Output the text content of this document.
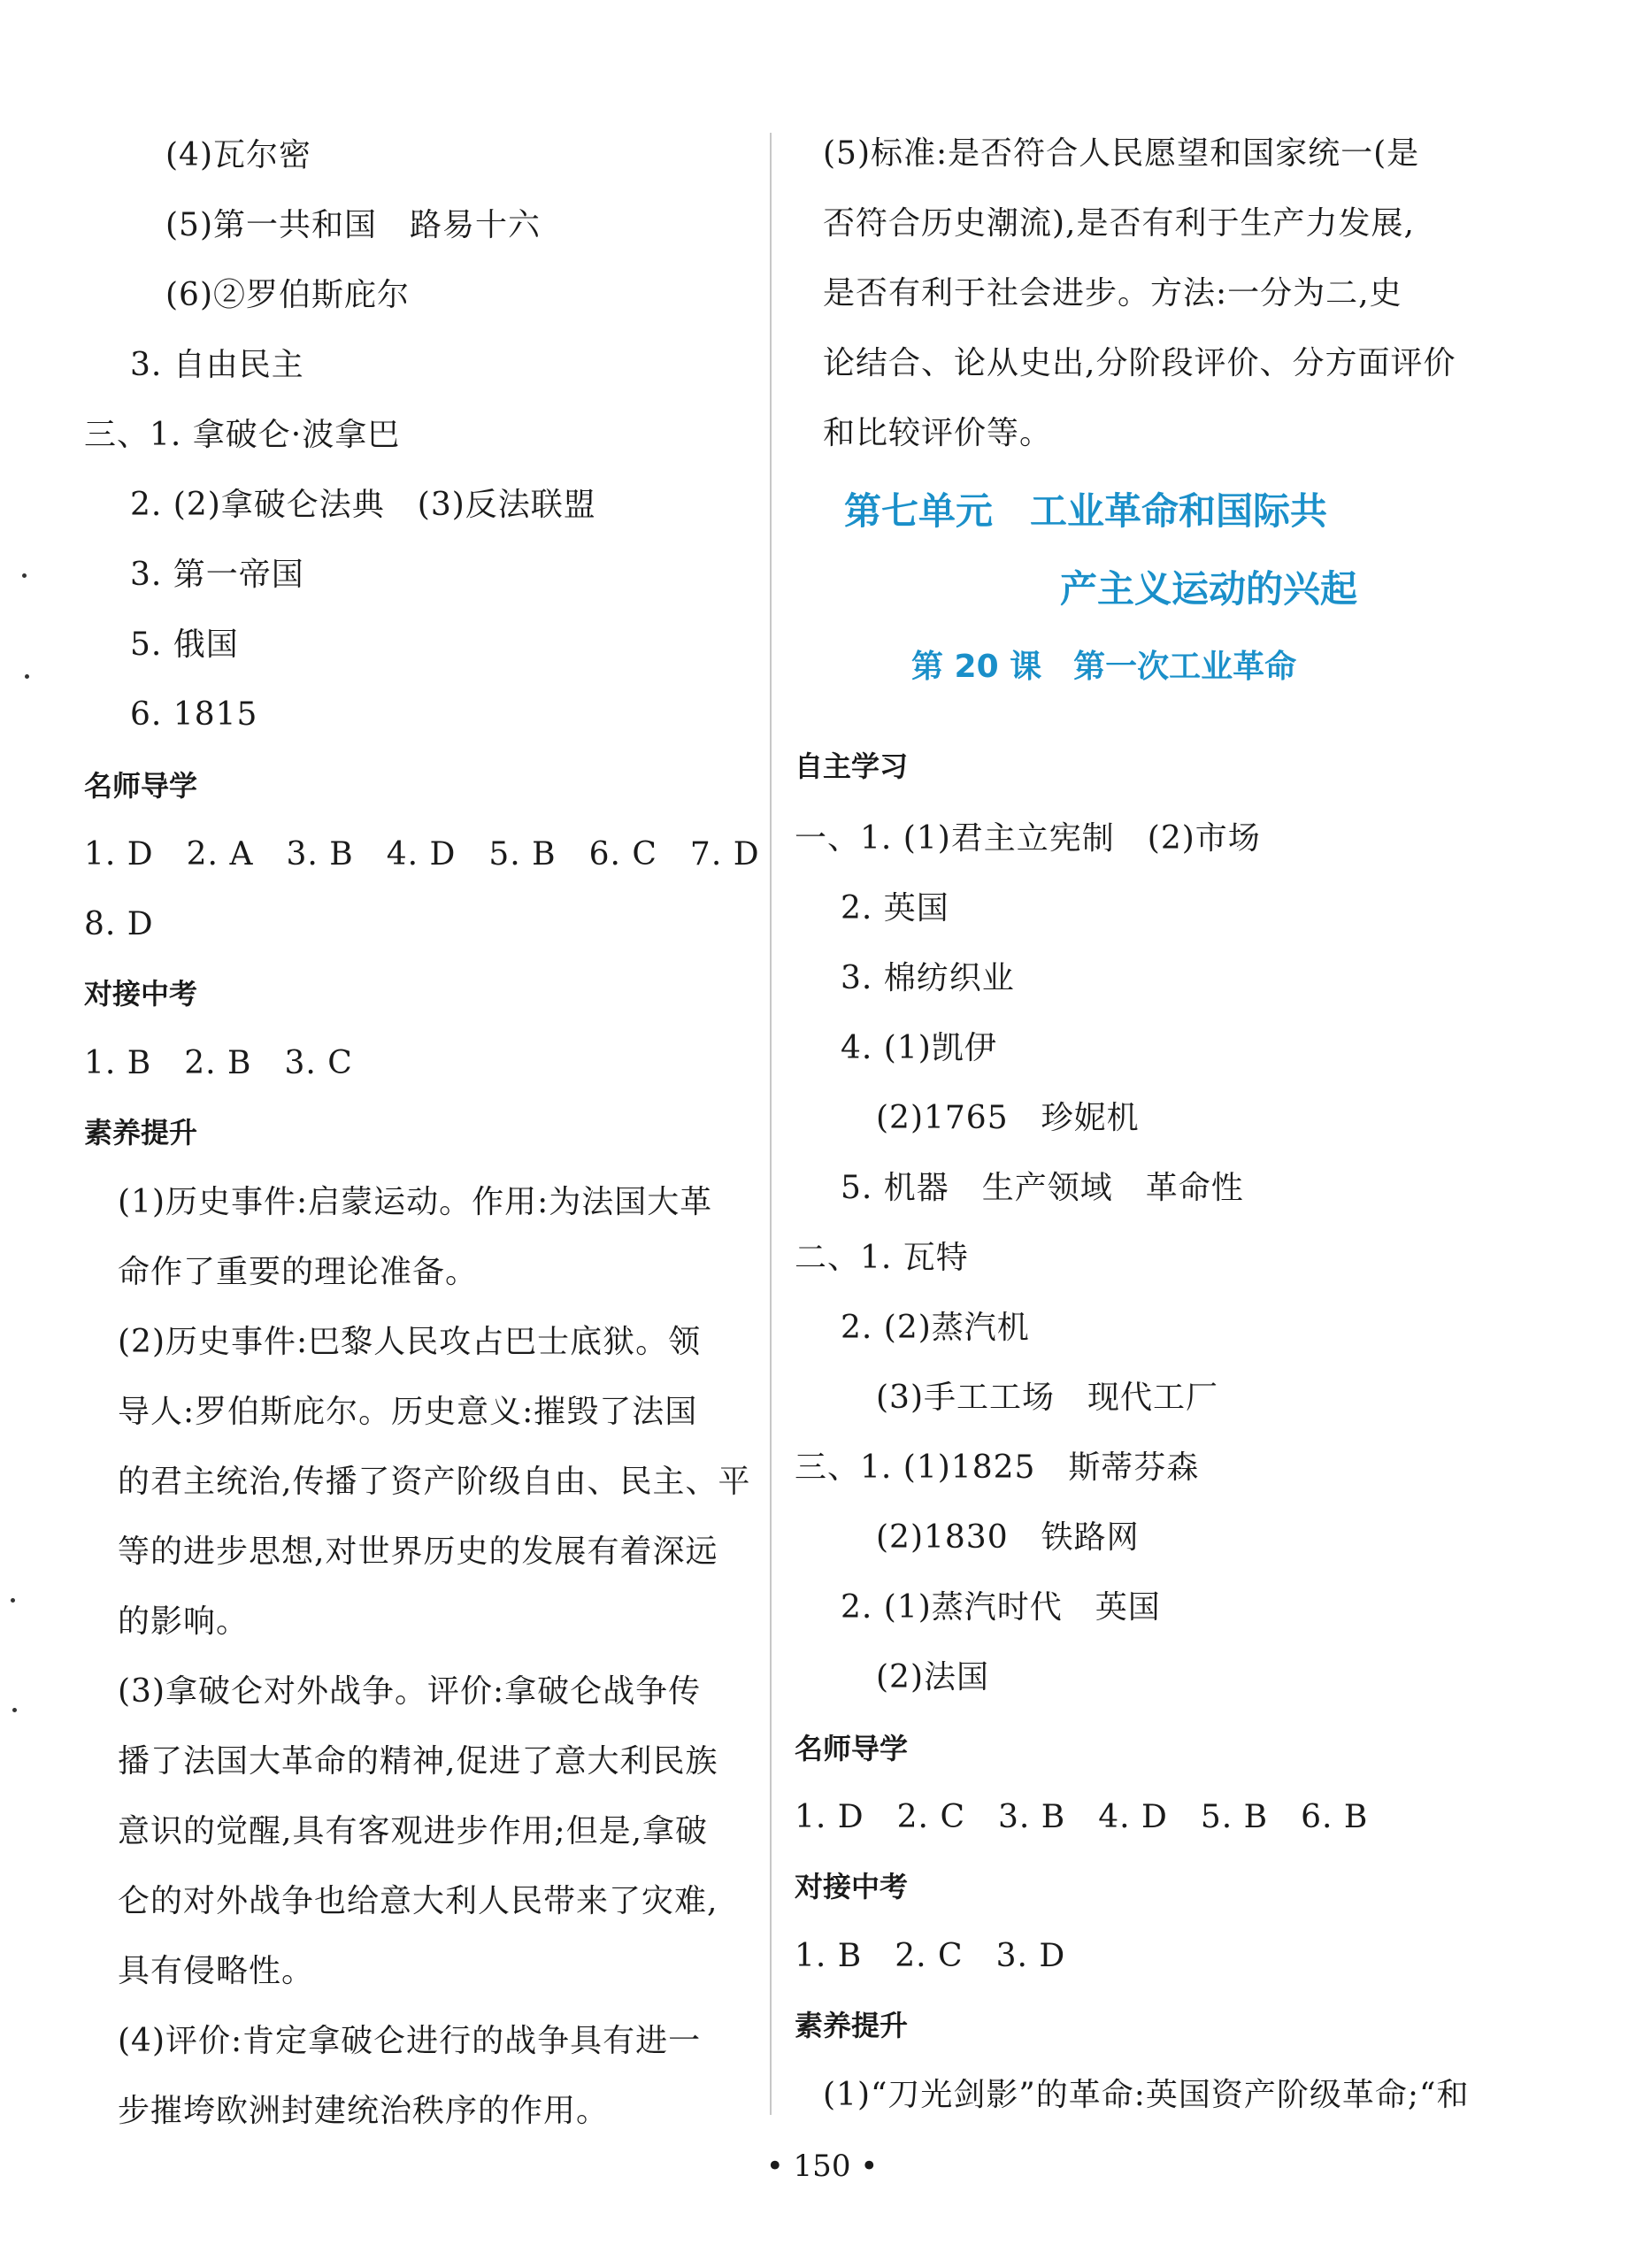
(4)瓦尔密
(5)第一共和国　路易十六
(6)②罗伯斯庇尔
3. 自由民主
三、1. 拿破仑·波拿巴
2. (2)拿破仑法典　(3)反法联盟
3. 第一帝国
5. 俄国
6. 1815
名师导学
1. D　2. A　3. B　4. D　5. B　6. C　7. D
8. D
对接中考
1. B　2. B　3. C
素养提升
(1)历史事件:启蒙运动。作用:为法国大革
命作了重要的理论准备。
(2)历史事件:巴黎人民攻占巴士底狱。领
导人:罗伯斯庇尔。历史意义:摧毁了法国
的君主统治,传播了资产阶级自由、民主、平
等的进步思想,对世界历史的发展有着深远
的影响。
(3)拿破仑对外战争。评价:拿破仑战争传
播了法国大革命的精神,促进了意大利民族
意识的觉醒,具有客观进步作用;但是,拿破
仑的对外战争也给意大利人民带来了灾难,
具有侵略性。
(4)评价:肯定拿破仑进行的战争具有进一
步摧垮欧洲封建统治秩序的作用。
(5)标准:是否符合人民愿望和国家统一(是
否符合历史潮流),是否有利于生产力发展,
是否有利于社会进步。方法:一分为二,史
论结合、论从史出,分阶段评价、分方面评价
和比较评价等。
第七单元　工业革命和国际共
产主义运动的兴起
第 20 课　第一次工业革命
自主学习
一、1. (1)君主立宪制　(2)市场
2. 英国
3. 棉纺织业
4. (1)凯伊
(2)1765　珍妮机
5. 机器　生产领域　革命性
二、1. 瓦特
2. (2)蒸汽机
(3)手工工场　现代工厂
三、1. (1)1825　斯蒂芬森
(2)1830　铁路网
2. (1)蒸汽时代　英国
(2)法国
名师导学
1. D　2. C　3. B　4. D　5. B　6. B
对接中考
1. B　2. C　3. D
素养提升
(1)“刀光剑影”的革命:英国资产阶级革命;“和
• 150 •
